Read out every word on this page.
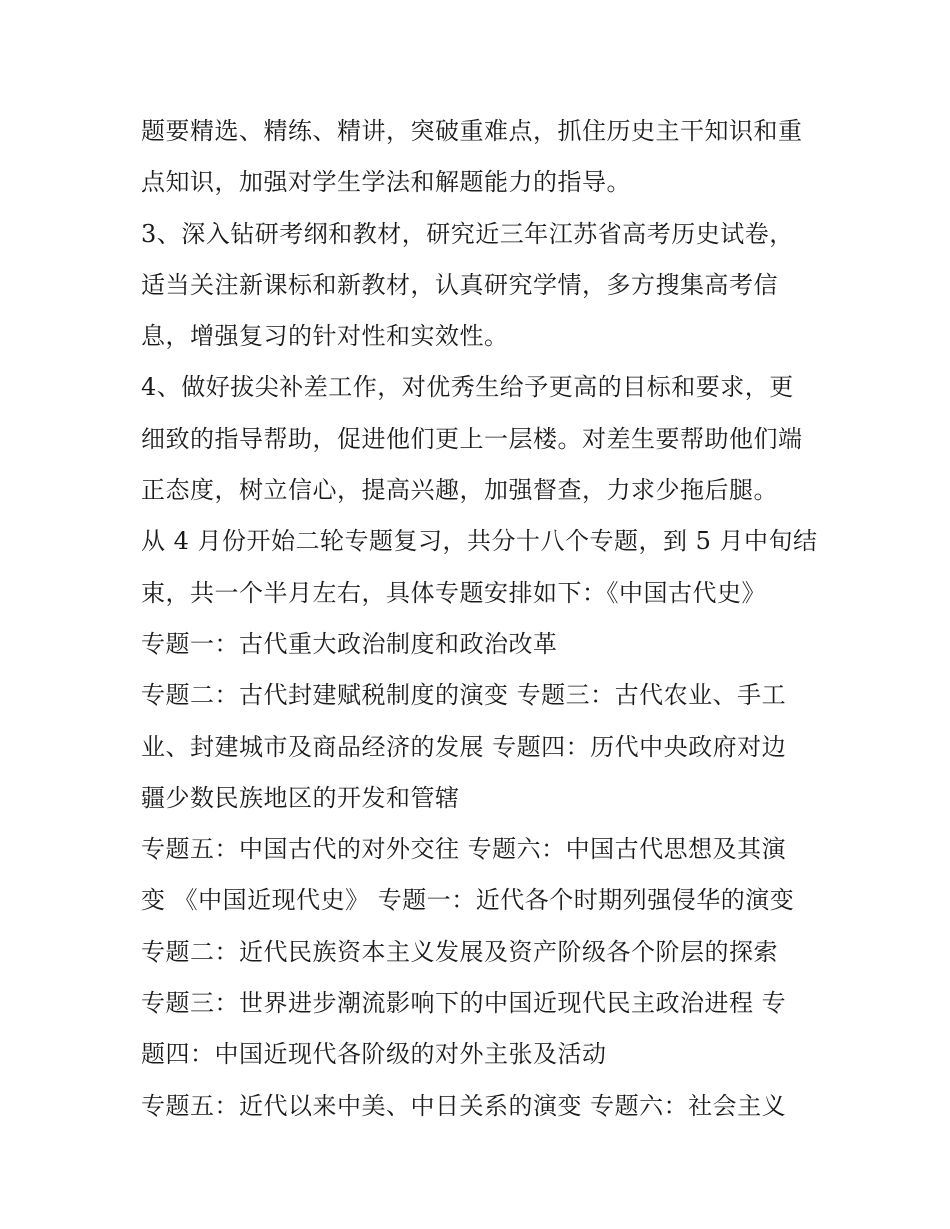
题要精选、精练、精讲，突破重难点，抓住历史主干知识和重
点知识，加强对学生学法和解题能力的指导。
3、深入钻研考纲和教材，研究近三年江苏省高考历史试卷，
适当关注新课标和新教材，认真研究学情，多方搜集高考信
息，增强复习的针对性和实效性。
4、做好拔尖补差工作，对优秀生给予更高的目标和要求，更
细致的指导帮助，促进他们更上一层楼。对差生要帮助他们端
正态度，树立信心，提高兴趣，加强督查，力求少拖后腿。
从 4 月份开始二轮专题复习，共分十八个专题，到 5 月中旬结
束，共一个半月左右，具体专题安排如下：《中国古代史》
专题一：古代重大政治制度和政治改革
专题二：古代封建赋税制度的演变 专题三：古代农业、手工
业、封建城市及商品经济的发展 专题四：历代中央政府对边
疆少数民族地区的开发和管辖
专题五：中国古代的对外交往 专题六：中国古代思想及其演
变 《中国近现代史》 专题一：近代各个时期列强侵华的演变
专题二：近代民族资本主义发展及资产阶级各个阶层的探索
专题三：世界进步潮流影响下的中国近现代民主政治进程 专
题四：中国近现代各阶级的对外主张及活动
专题五：近代以来中美、中日关系的演变 专题六：社会主义
